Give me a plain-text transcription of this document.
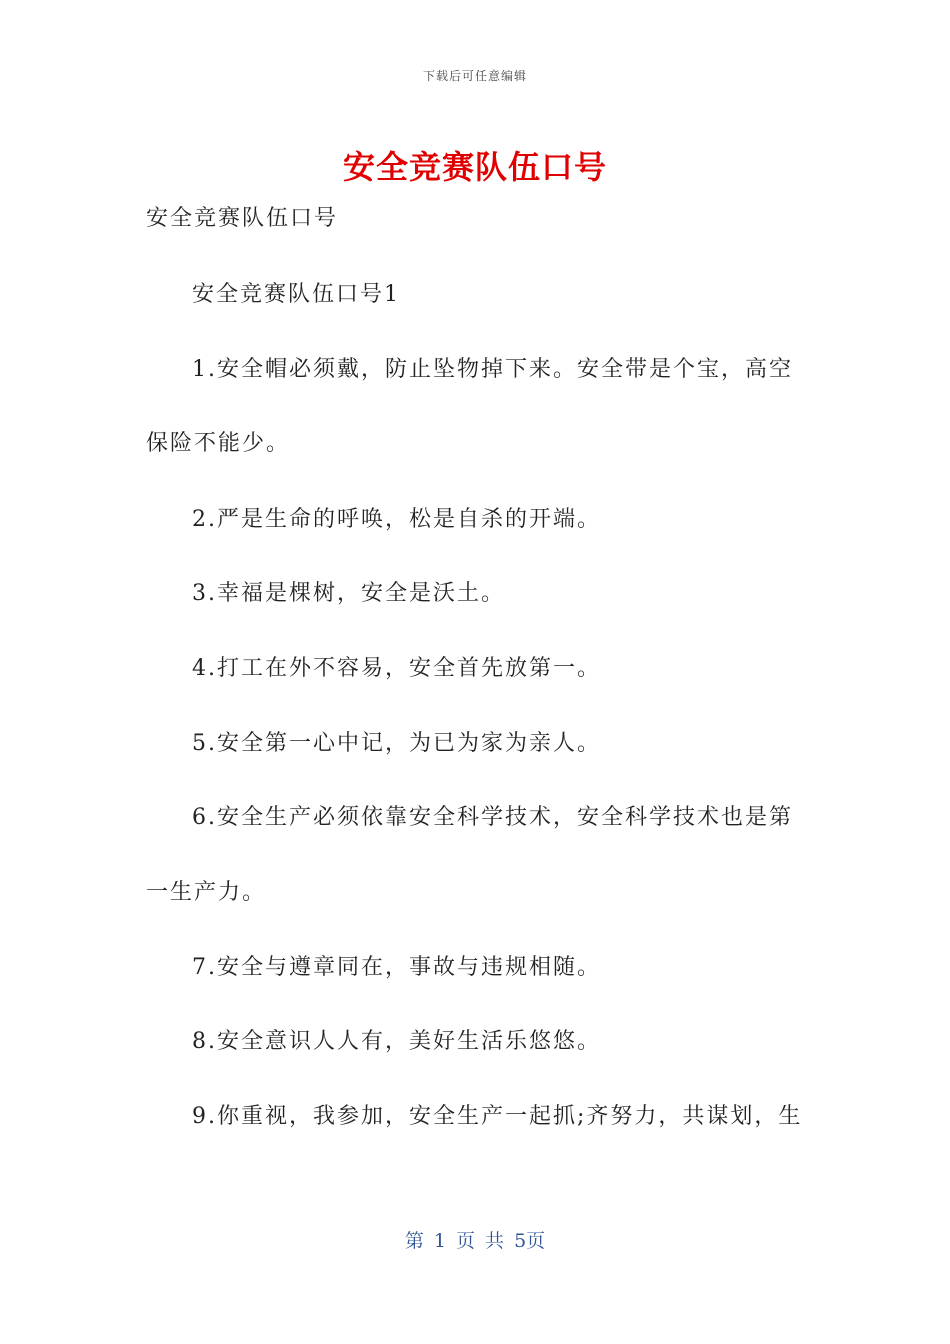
下载后可任意编辑
安全竞赛队伍口号
安全竞赛队伍口号
安全竞赛队伍口号1
1.安全帽必须戴，防止坠物掉下来。安全带是个宝，高空
保险不能少。
2.严是生命的呼唤，松是自杀的开端。
3.幸福是棵树，安全是沃土。
4.打工在外不容易，安全首先放第一。
5.安全第一心中记，为已为家为亲人。
6.安全生产必须依靠安全科学技术，安全科学技术也是第
一生产力。
7.安全与遵章同在，事故与违规相随。
8.安全意识人人有，美好生活乐悠悠。
9.你重视，我参加，安全生产一起抓;齐努力，共谋划，生
第 1 页 共 5页
